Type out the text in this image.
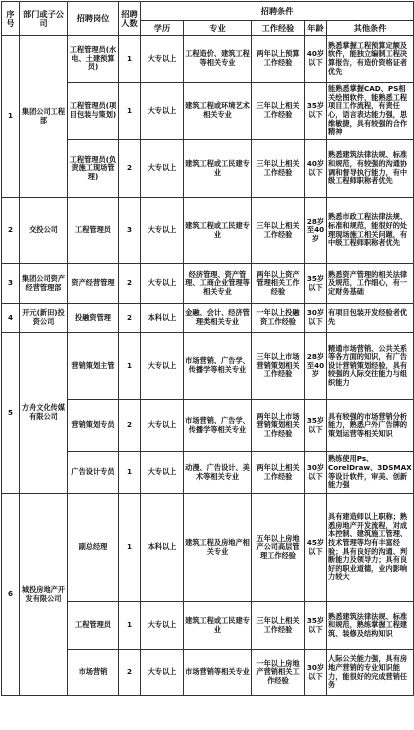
序号	部门或子公司	招聘岗位	招聘人数	招聘条件				
				学历	专业	工作经验	年龄	其他条件
1	集团公司工程部	工程管理员(水电、土建预算员)	1	大专以上	工程造价、建筑工程等相关专业	两年以上预算工作经验	40岁以下	熟悉掌握工程预算定额及软件，能独立编制工程决算报告，有造价资格证者优先
		工程管理员(项目包装与策划)	1	大专以上	建筑工程或环境艺术相关专业	三年以上相关工作经验	35岁以下	能熟悉掌握CAD、PS相关绘图软件，能熟悉工程项目工作流程，有责任心，语言表达能力强，思维敏捷，具有较强的合作精神
		工程管理员(负责施工现场管理)	2	大专以上	建筑工程或工民建专业	三年以上相关工作经验	40岁以下	熟悉建筑法律法规、标准和规范，有较强的沟通协调和督导执行能力，有中级工程师职称者优先
2	交投公司	工程管理员	3	大专以上	建筑工程或工民建专业	三年以上相关工作经验	28岁至40岁	熟悉市政工程法律法规、标准和规范，能很好的处理现场施工相关问题，有中级工程师职称者优先
3	集团公司资产经营管理部	资产经营管理	2	大专以上	经济管理、资产管理、工商企业管理等相关专业	两年以上资产管理相关工作经验	35岁以下	熟悉资产管理的相关法律及规范，工作细心，有一定财务基础
4	开元(新田)投资公司	投融资管理	2	本科以上	金融、会计、经济管理类相关专业	一年以上投融资工作经验	30岁以下	有项目包装开发经验者优先
5	方舟文化传媒有限公司	营销策划主管	1	大专以上	市场营销、广告学、传播学等相关专业	三年以上市场营销策划相关工作经验	28岁至40岁	精通市场营销、公共关系等各方面的知识，有广告设计营销策划经验，具有较强的人际交往能力与组织能力
		营销策划专员	2	大专以上	市场营销、广告学、传播学等相关专业	两年以上市场营销策划相关工作经验	35岁以下	具有较强的市场营销分析能力，熟悉户外广告牌的策划运营等相关知识
		广告设计专员	1	大专以上	动漫、广告设计、美术等相关专业	两年以上相关工作经验	30岁以下	熟练使用Ps、CorelDraw、3DSMAX等设计软件，审美、创新能力强
6	城投房地产开发有限公司	副总经理	1	本科以上	建筑工程及房地产相关专业	五年以上房地产公司高层管理工作经验	45岁以下	具有建造师以上职称；熟悉房地产开发流程，对成本控制、建筑施工管理、技术管理等均有丰富经验；具有良好的沟通、判断能力及领导力；具有良好的职业道德，业内影响力较大
		工程管理员	1	大专以上	建筑工程或工民建专业	三年以上相关工作经验	35岁以下	熟悉建筑法律法规、标准和规范，熟练掌握工程建筑、装修及结构知识
		市场营销	2	大专以上	市场营销等相关专业	一年以上房地产营销相关工作经验	30岁以下	人际公关能力强，具有房地产营销的专业知识能力，能很好的完成营销任务
